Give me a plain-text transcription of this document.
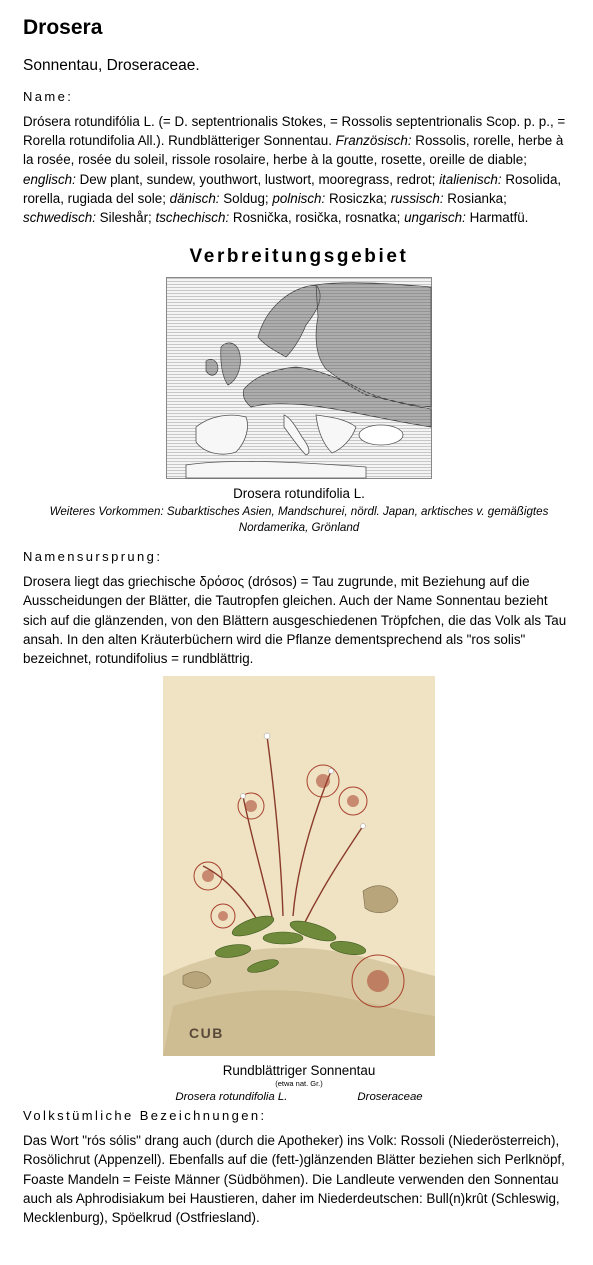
Drosera
Sonnentau, Droseraceae.
Name:
Drósera rotundifólia L. (= D. septentrionalis Stokes, = Rossolis septentrionalis Scop. p. p., = Rorella rotundifolia All.). Rundblätteriger Sonnentau. Französisch: Rossolis, rorelle, herbe à la rosée, rosée du soleil, rissole rosolaire, herbe à la goutte, rosette, oreille de diable; englisch: Dew plant, sundew, youthwort, lustwort, mooregrass, redrot; italienisch: Rosolida, rorella, rugiada del sole; dänisch: Soldug; polnisch: Rosiczka; russisch: Rosianka; schwedisch: Sileshår; tschechisch: Rosnička, rosička, rosnatka; ungarisch: Harmatfü.
Verbreitungsgebiet
Drosera rotundifolia L.
Weiteres Vorkommen: Subarktisches Asien, Mandschurei, nördl. Japan, arktisches v. gemäßigtes Nordamerika, Grönland
Namensursprung:
Drosera liegt das griechische δρόσος (drósos) = Tau zugrunde, mit Beziehung auf die Ausscheidungen der Blätter, die Tautropfen gleichen. Auch der Name Sonnentau bezieht sich auf die glänzenden, von den Blättern ausgeschiedenen Tröpfchen, die das Volk als Tau ansah. In den alten Kräuterbüchern wird die Pflanze dementsprechend als "ros solis" bezeichnet, rotundifolius = rundblättrig.
CUB
Rundblättriger Sonnentau
(etwa nat. Gr.)
Drosera rotundifolia L.	Droseraceae
Volkstümliche Bezeichnungen:
Das Wort "rós sólis" drang auch (durch die Apotheker) ins Volk: Rossoli (Niederösterreich), Rosölichrut (Appenzell). Ebenfalls auf die (fett-)glänzenden Blätter beziehen sich Perlknöpf, Foaste Mandeln = Feiste Männer (Südböhmen). Die Landleute verwenden den Sonnentau auch als Aphrodisiakum bei Haustieren, daher im Niederdeutschen: Bull(n)krût (Schleswig, Mecklenburg), Spöelkrud (Ostfriesland).
